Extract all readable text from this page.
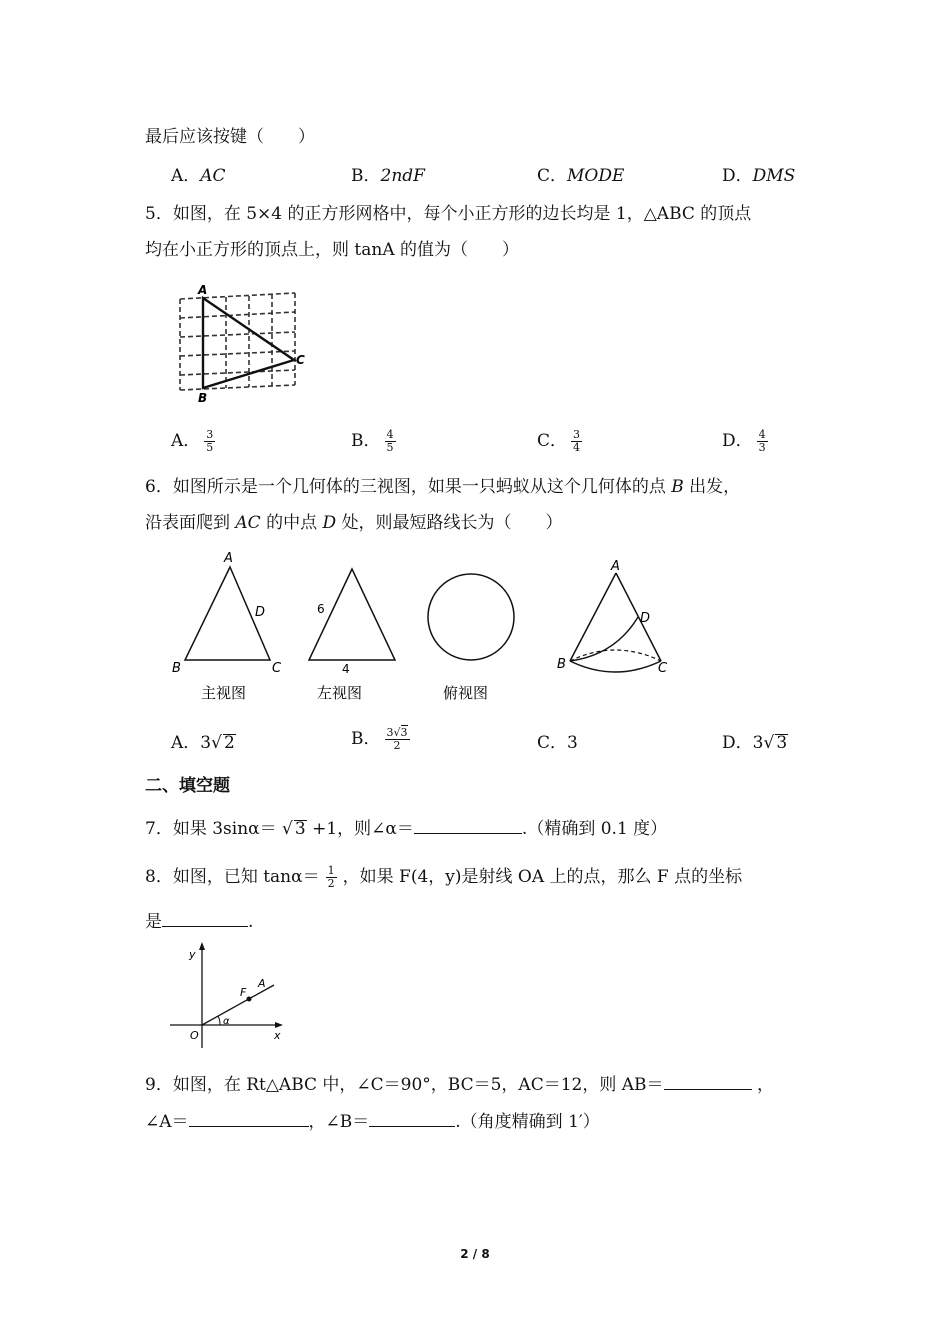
最后应该按键（　　）
A．AC	B．2ndF	C．MODE	D．DMS
5．如图，在 5×4 的正方形网格中，每个小正方形的边长均是 1，△ABC 的顶点
均在小正方形的顶点上，则 tanA 的值为（　　）
A
B
C
A． $\frac{3}{5}$	B． $\frac{4}{5}$	C． $\frac{3}{4}$	D． $\frac{4}{3}$
6．如图所示是一个几何体的三视图，如果一只蚂蚁从这个几何体的点 B 出发，
沿表面爬到 AC 的中点 D 处，则最短路线长为（　　）
A
B	C
D
主视图
6
4
左视图	俯视图
A
B	C
D
A．3√ 2	B． $\frac{3√3}{2}$	C．3	D．3√ 3
二、填空题
7．如果 3sinα＝ √ 3 +1，则∠α＝	.（精确到 0.1 度）
8．如图，已知 $\tan\alpha= \frac{1}{2}$ ，如果 F(4，y)是射线 OA 上的点，那么 F 点的坐标
是	.
y
x
O
F
A
α
9．如图，在 Rt△ABC 中，∠C＝90°，BC＝5，AC＝12，则 AB＝	，
∠A＝	，∠B＝	.（角度精确到 1′）
2 / 8
